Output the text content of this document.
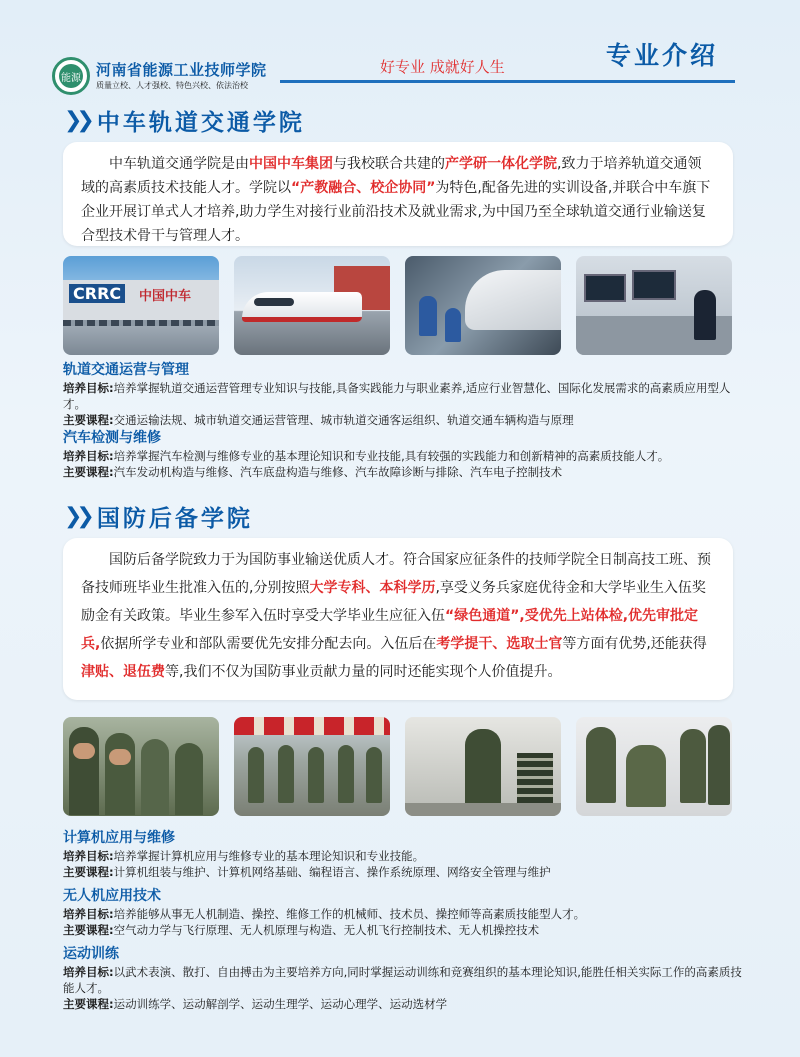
能源 河南省能源工业技师学院
质量立校、人才强校、特色兴校、依法治校
好专业 成就好人生	专业介绍
❯❯ 中车轨道交通学院
中车轨道交通学院是由中国中车集团与我校联合共建的产学研一体化学院,致力于培养轨道交通领域的高素质技术技能人才。学院以“产教融合、校企协同”为特色,配备先进的实训设备,并联合中车旗下企业开展订单式人才培养,助力学生对接行业前沿技术及就业需求,为中国乃至全球轨道交通行业输送复合型技术骨干与管理人才。
CRRC	中国中车
轨道交通运营与管理
培养目标:培养掌握轨道交通运营管理专业知识与技能,具备实践能力与职业素养,适应行业智慧化、国际化发展需求的高素质应用型人才。
主要课程:交通运输法规、城市轨道交通运营管理、城市轨道交通客运组织、轨道交通车辆构造与原理
汽车检测与维修
培养目标:培养掌握汽车检测与维修专业的基本理论知识和专业技能,具有较强的实践能力和创新精神的高素质技能人才。
主要课程:汽车发动机构造与维修、汽车底盘构造与维修、汽车故障诊断与排除、汽车电子控制技术
❯❯ 国防后备学院
国防后备学院致力于为国防事业输送优质人才。符合国家应征条件的技师学院全日制高技工班、预备技师班毕业生批准入伍的,分别按照大学专科、本科学历,享受义务兵家庭优待金和大学毕业生入伍奖励金有关政策。毕业生参军入伍时享受大学毕业生应征入伍“绿色通道”,受优先上站体检,优先审批定兵,依据所学专业和部队需要优先安排分配去向。入伍后在考学提干、选取士官等方面有优势,还能获得津贴、退伍费等,我们不仅为国防事业贡献力量的同时还能实现个人价值提升。
计算机应用与维修
培养目标:培养掌握计算机应用与维修专业的基本理论知识和专业技能。
主要课程:计算机组装与维护、计算机网络基础、编程语言、操作系统原理、网络安全管理与维护
无人机应用技术
培养目标:培养能够从事无人机制造、操控、维修工作的机械师、技术员、操控师等高素质技能型人才。
主要课程:空气动力学与飞行原理、无人机原理与构造、无人机飞行控制技术、无人机操控技术
运动训练
培养目标:以武术表演、散打、自由搏击为主要培养方向,同时掌握运动训练和竞赛组织的基本理论知识,能胜任相关实际工作的高素质技能人才。
主要课程:运动训练学、运动解剖学、运动生理学、运动心理学、运动选材学
